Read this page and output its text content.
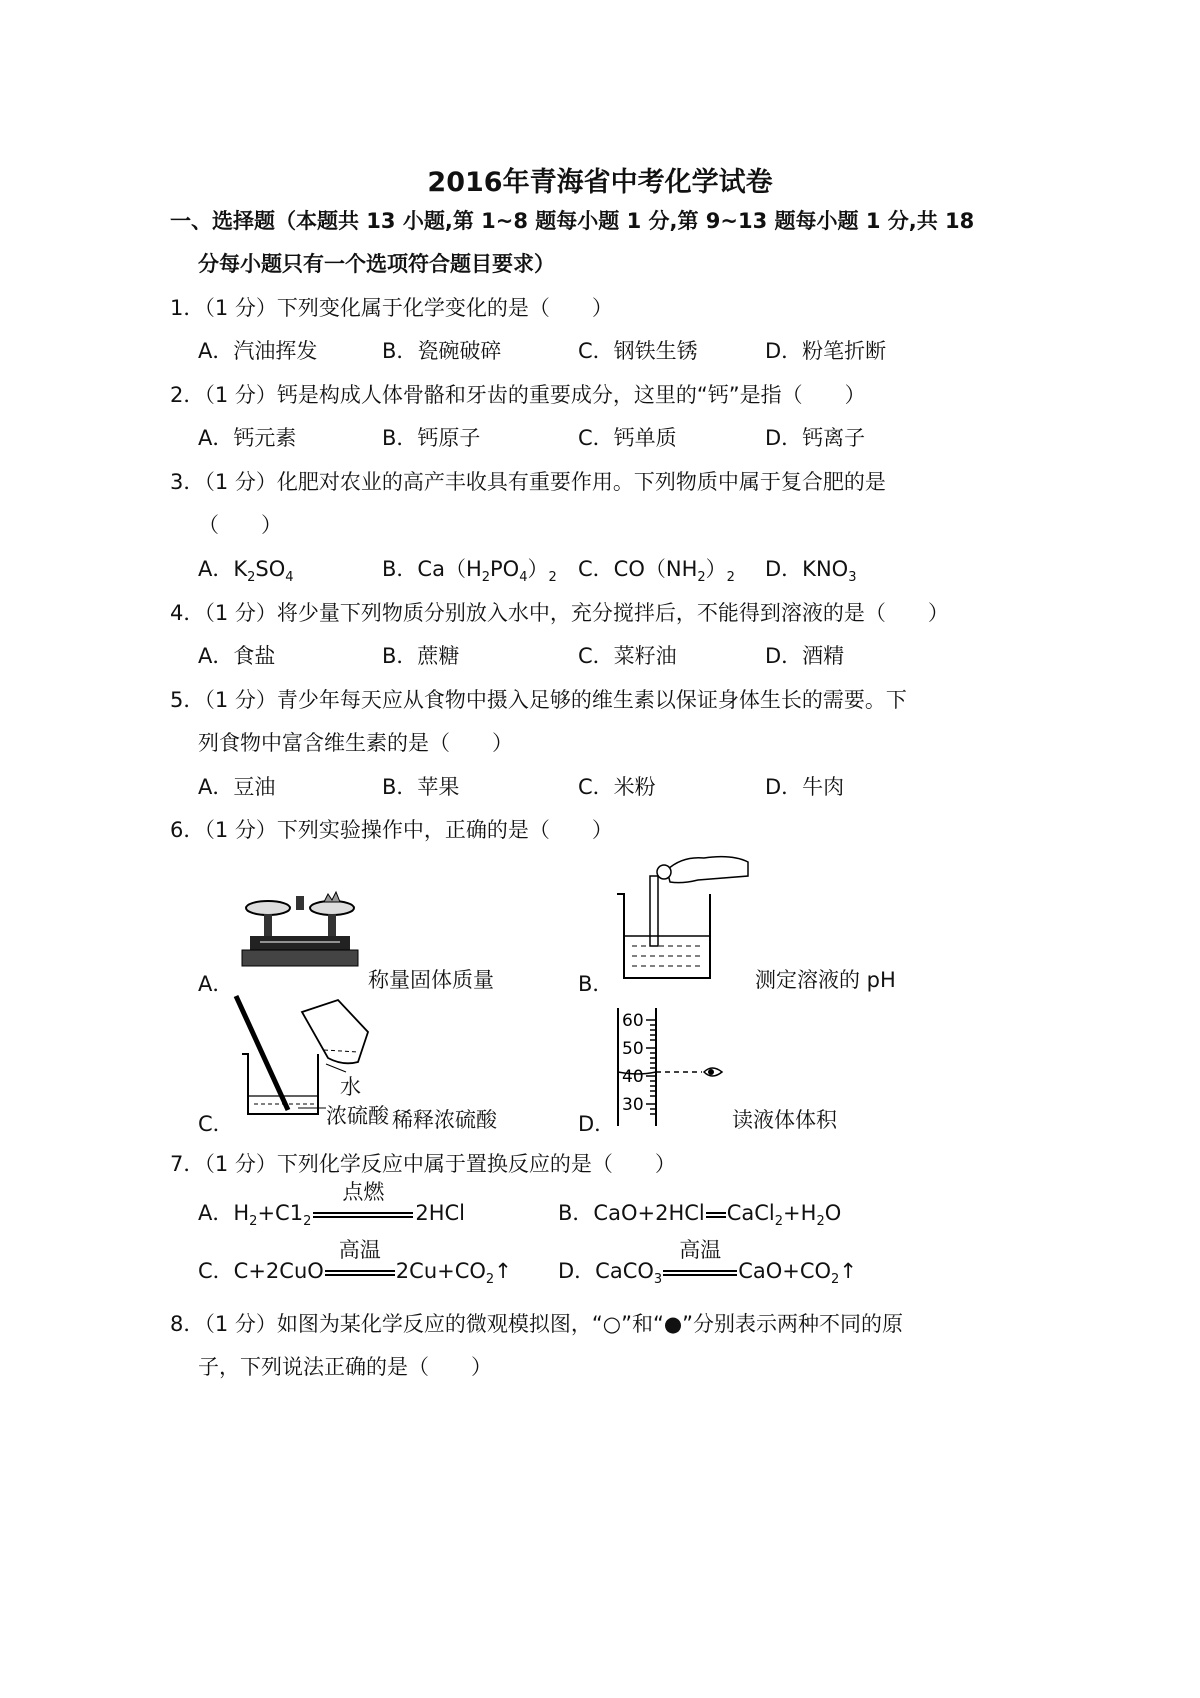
2016年青海省中考化学试卷
一、选择题（本题共 13 小题,第 1~8 题每小题 1 分,第 9~13 题每小题 1 分,共 18
分每小题只有一个选项符合题目要求）
1．（1 分）下列变化属于化学变化的是（　　）
A．汽油挥发	B．瓷碗破碎	C．钢铁生锈	D．粉笔折断
2．（1 分）钙是构成人体骨骼和牙齿的重要成分，这里的“钙”是指（　　）
A．钙元素	B．钙原子	C．钙单质	D．钙离子
3．（1 分）化肥对农业的高产丰收具有重要作用。下列物质中属于复合肥的是
（　　）
A．$K_2SO_4$	B．$Ca(H_2PO_4)_2$ C．$CO(NH_2)_2$ D．$KNO_3$
4．（1 分）将少量下列物质分别放入水中，充分搅拌后，不能得到溶液的是（　　）
A．食盐	B．蔗糖	C．菜籽油	D．酒精
5．（1 分）青少年每天应从食物中摄入足够的维生素以保证身体生长的需要。下
列食物中富含维生素的是（　　）
A．豆油	B．苹果	C．米粉	D．牛肉
6．（1 分）下列实验操作中，正确的是（　　）
A．	称量固体质量	B．	测定溶液的 pH
C．
水
浓硫酸 稀释浓硫酸	D．
60
50
40
30
读液体体积
7．（1 分）下列化学反应中属于置换反应的是（　　）
A．$H_2+C1_2$
点燃
2HCl	B．CaO+2HCl $CaCl_2+H_2O$
C．C+2CuO
高温
$2Cu+CO_2↑$ D．CaCO$_3$
高温
$CaO+CO_2↑$
8．（1 分）如图为某化学反应的微观模拟图，“○”和“●”分别表示两种不同的原
子，下列说法正确的是（　　）
